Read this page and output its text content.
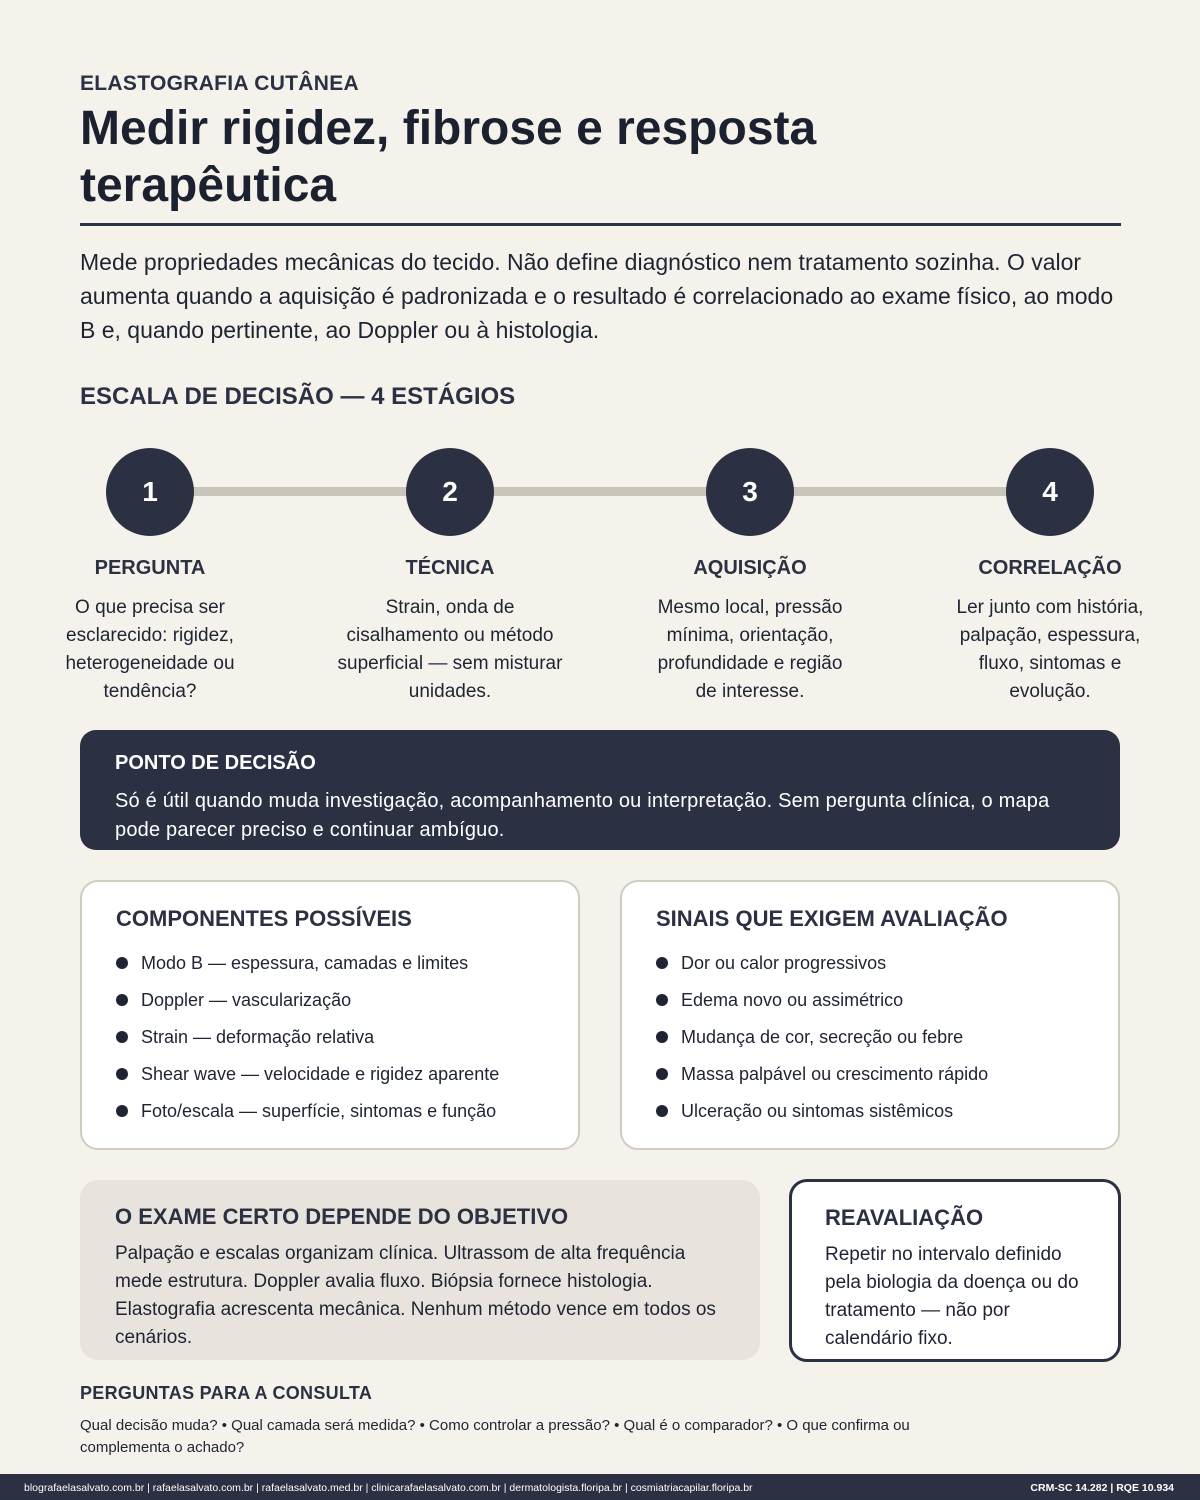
ELASTOGRAFIA CUTÂNEA
Medir rigidez, fibrose e resposta terapêutica

Mede propriedades mecânicas do tecido. Não define diagnóstico nem tratamento sozinha. O valor aumenta quando a aquisição é padronizada e o resultado é correlacionado ao exame físico, ao modo B e, quando pertinente, ao Doppler ou à histologia.

ESCALA DE DECISÃO — 4 ESTÁGIOS
1	2	3	4
PERGUNTA	TÉCNICA	AQUISIÇÃO	CORRELAÇÃO
O que precisa ser esclarecido: rigidez, heterogeneidade ou tendência?
Strain, onda de cisalhamento ou método superficial — sem misturar unidades.
Mesmo local, pressão mínima, orientação, profundidade e região de interesse.
Ler junto com história, palpação, espessura, fluxo, sintomas e evolução.
PONTO DE DECISÃO
Só é útil quando muda investigação, acompanhamento ou interpretação. Sem pergunta clínica, o mapa pode parecer preciso e continuar ambíguo.
COMPONENTES POSSÍVEIS
Modo B — espessura, camadas e limites
Doppler — vascularização
Strain — deformação relativa
Shear wave — velocidade e rigidez aparente
Foto/escala — superfície, sintomas e função
SINAIS QUE EXIGEM AVALIAÇÃO
Dor ou calor progressivos
Edema novo ou assimétrico
Mudança de cor, secreção ou febre
Massa palpável ou crescimento rápido
Ulceração ou sintomas sistêmicos
O EXAME CERTO DEPENDE DO OBJETIVO
Palpação e escalas organizam clínica. Ultrassom de alta frequência mede estrutura. Doppler avalia fluxo. Biópsia fornece histologia. Elastografia acrescenta mecânica. Nenhum método vence em todos os cenários.
REAVALIAÇÃO
Repetir no intervalo definido pela biologia da doença ou do tratamento — não por calendário fixo.
PERGUNTAS PARA A CONSULTA
Qual decisão muda? • Qual camada será medida? • Como controlar a pressão? • Qual é o comparador? • O que confirma ou complementa o achado?
blografaelasalvato.com.br | rafaelasalvato.com.br | rafaelasalvato.med.br | clinicarafaelasalvato.com.br | dermatologista.floripa.br | cosmiatriacapilar.floripa.br	CRM-SC 14.282 | RQE 10.934
